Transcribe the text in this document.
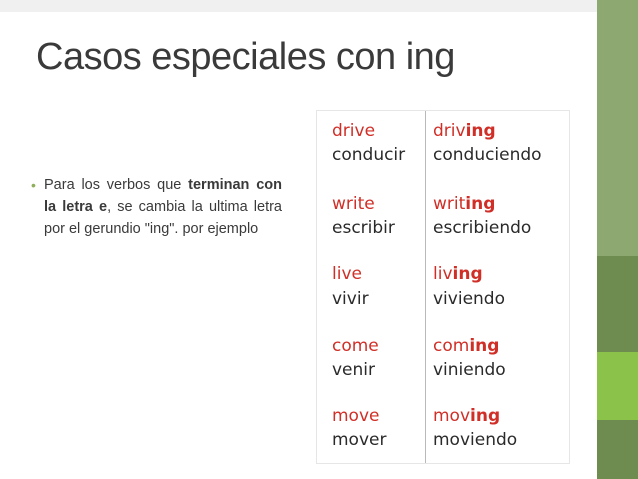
Casos especiales con ing
• Para los verbos que terminan con la letra e, se cambia la ultima letra por el gerundio "ing". por ejemplo
drive
conducir
driving
conduciendo
write
escribir
writing
escribiendo
live
vivir
living
viviendo
come
venir
coming
viniendo
move
mover
moving
moviendo
